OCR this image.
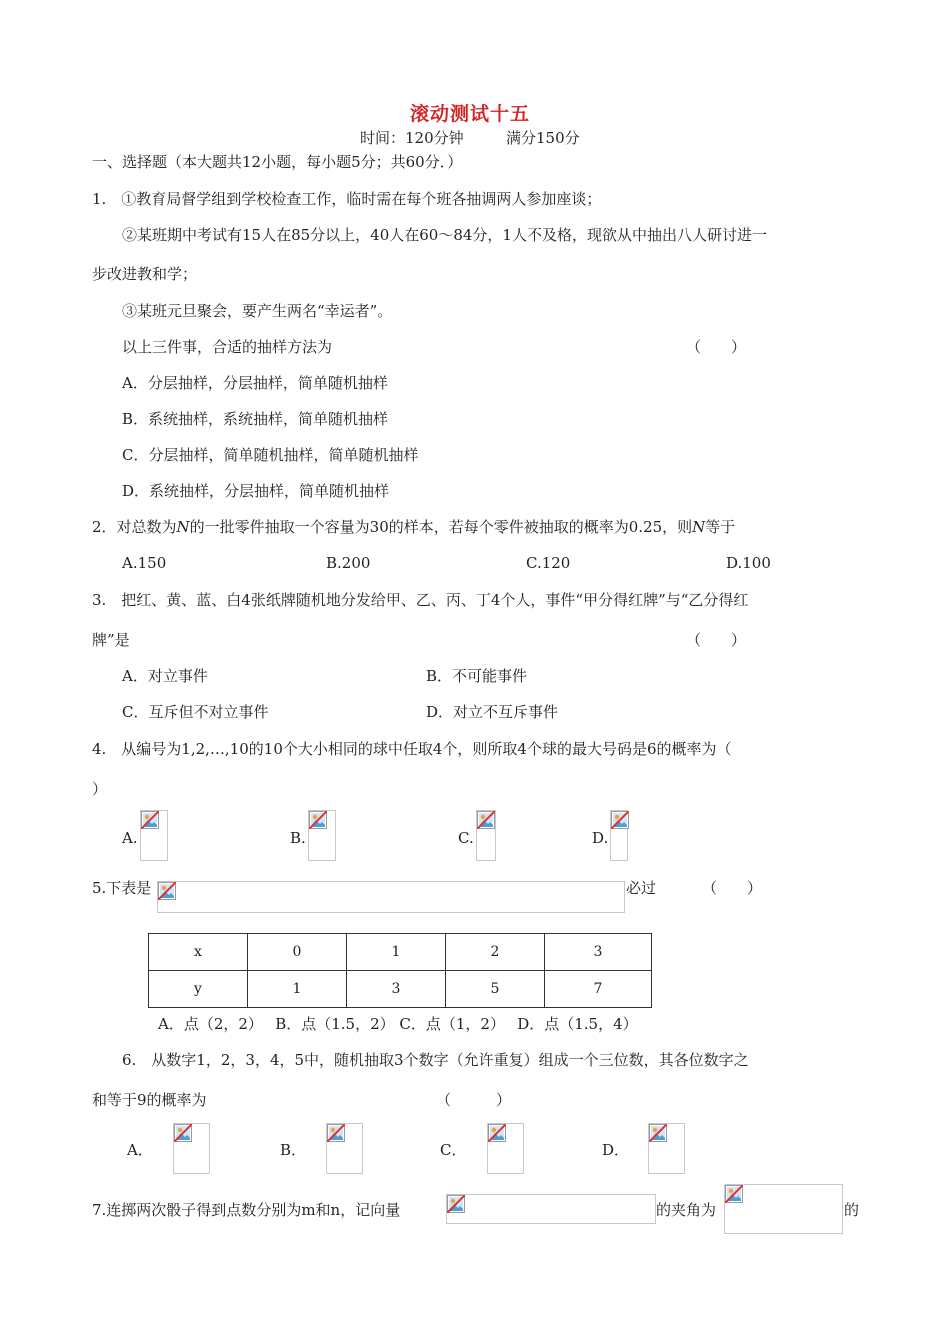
滚动测试十五
时间：120分钟	满分150分
一、选择题（本大题共12小题，每小题5分；共60分．）
1.　①教育局督学组到学校检查工作，临时需在每个班各抽调两人参加座谈；
②某班期中考试有15人在85分以上，40人在60～84分，1人不及格，现欲从中抽出八人研讨进一
步改进教和学；
③某班元旦聚会，要产生两名“幸运者”。
以上三件事，合适的抽样方法为	（　　）
A．分层抽样，分层抽样，简单随机抽样
B．系统抽样，系统抽样，简单随机抽样
C．分层抽样，简单随机抽样，简单随机抽样
D．系统抽样，分层抽样，简单随机抽样
2．对总数为N的一批零件抽取一个容量为30的样本，若每个零件被抽取的概率为0.25，则N等于
A.150	B.200	C.120	D.100
3.　把红、黄、蓝、白4张纸牌随机地分发给甲、乙、丙、丁4个人，事件“甲分得红牌”与“乙分得红
牌”是	（　　）
A．对立事件	B．不可能事件
C．互斥但不对立事件	D．对立不互斥事件
4.　从编号为1,2,…,10的10个大小相同的球中任取4个，则所取4个球的最大号码是6的概率为（
）
A.	B.	C.	D.
5.下表是	必过	（　　）
x	0	1	2	3
y	1	3	5	7
A．点（2，2）　 B．点（1.5，2） C．点（1，2）　 D．点（1.5，4）
6.　从数字1，2，3，4，5中，随机抽取3个数字（允许重复）组成一个三位数，其各位数字之
和等于9的概率为	（　　　）
A．	B．	C．	D．
7.连掷两次骰子得到点数分别为m和n，记向量	的夹角为	的
